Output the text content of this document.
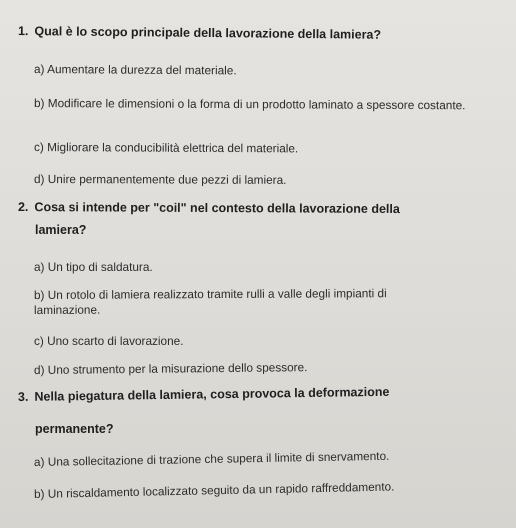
1. Qual è lo scopo principale della lavorazione della lamiera?
a) Aumentare la durezza del materiale.
b) Modificare le dimensioni o la forma di un prodotto laminato a spessore costante.
c) Migliorare la conducibilità elettrica del materiale.
d) Unire permanentemente due pezzi di lamiera.
2. Cosa si intende per "coil" nel contesto della lavorazione della
lamiera?
a) Un tipo di saldatura.
b) Un rotolo di lamiera realizzato tramite rulli a valle degli impianti di laminazione.
c) Uno scarto di lavorazione.
d) Uno strumento per la misurazione dello spessore.
3. Nella piegatura della lamiera, cosa provoca la deformazione
permanente?
a) Una sollecitazione di trazione che supera il limite di snervamento.
b) Un riscaldamento localizzato seguito da un rapido raffreddamento.
